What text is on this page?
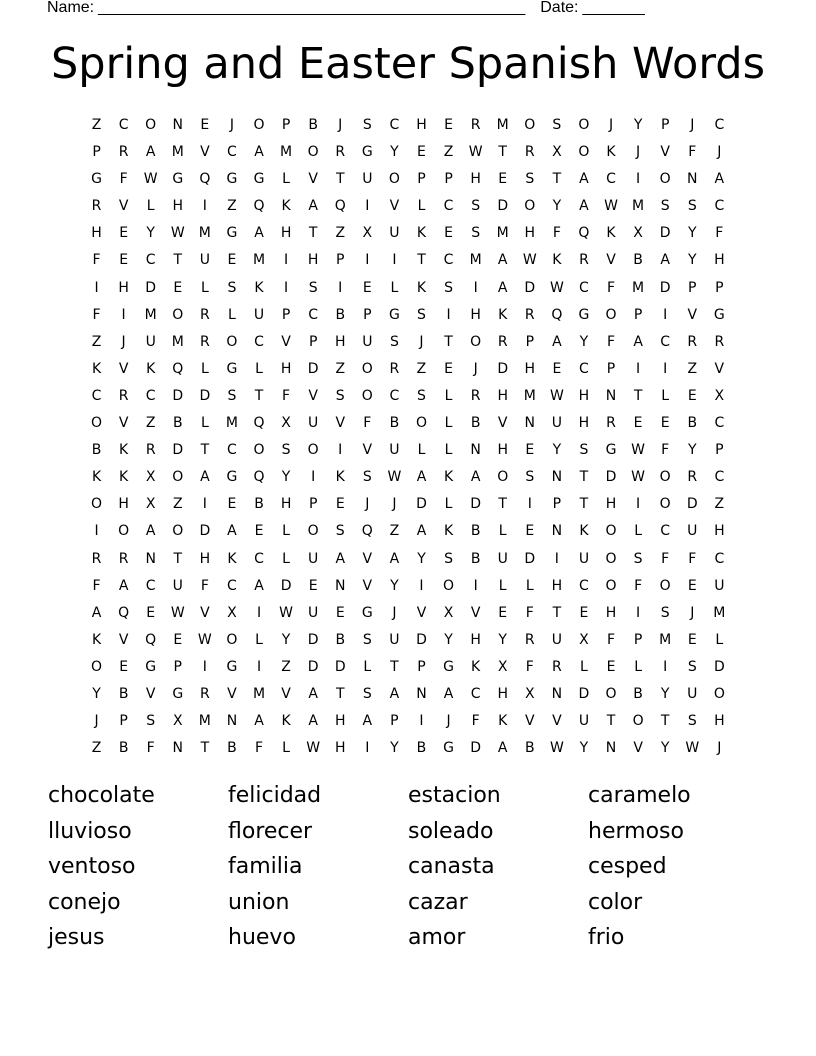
Name: ________________________________________________ Date: _______
Spring and Easter Spanish Words
Z	C	O	N	E	J	O	P	B	J	S	C	H	E	R	M	O	S	O	J	Y	P	J	C
P	R	A	M	V	C	A	M	O	R	G	Y	E	Z	W	T	R	X	O	K	J	V	F	J
G	F	W	G	Q	G	G	L	V	T	U	O	P	P	H	E	S	T	A	C	I	O	N	A
R	V	L	H	I	Z	Q	K	A	Q	I	V	L	C	S	D	O	Y	A	W	M	S	S	C
H	E	Y	W	M	G	A	H	T	Z	X	U	K	E	S	M	H	F	Q	K	X	D	Y	F
F	E	C	T	U	E	M	I	H	P	I	I	T	C	M	A	W	K	R	V	B	A	Y	H
I	H	D	E	L	S	K	I	S	I	E	L	K	S	I	A	D	W	C	F	M	D	P	P
F	I	M	O	R	L	U	P	C	B	P	G	S	I	H	K	R	Q	G	O	P	I	V	G
Z	J	U	M	R	O	C	V	P	H	U	S	J	T	O	R	P	A	Y	F	A	C	R	R
K	V	K	Q	L	G	L	H	D	Z	O	R	Z	E	J	D	H	E	C	P	I	I	Z	V
C	R	C	D	D	S	T	F	V	S	O	C	S	L	R	H	M	W	H	N	T	L	E	X
O	V	Z	B	L	M	Q	X	U	V	F	B	O	L	B	V	N	U	H	R	E	E	B	C
B	K	R	D	T	C	O	S	O	I	V	U	L	L	N	H	E	Y	S	G	W	F	Y	P
K	K	X	O	A	G	Q	Y	I	K	S	W	A	K	A	O	S	N	T	D	W	O	R	C
O	H	X	Z	I	E	B	H	P	E	J	J	D	L	D	T	I	P	T	H	I	O	D	Z
I	O	A	O	D	A	E	L	O	S	Q	Z	A	K	B	L	E	N	K	O	L	C	U	H
R	R	N	T	H	K	C	L	U	A	V	A	Y	S	B	U	D	I	U	O	S	F	F	C
F	A	C	U	F	C	A	D	E	N	V	Y	I	O	I	L	L	H	C	O	F	O	E	U
A	Q	E	W	V	X	I	W	U	E	G	J	V	X	V	E	F	T	E	H	I	S	J	M
K	V	Q	E	W	O	L	Y	D	B	S	U	D	Y	H	Y	R	U	X	F	P	M	E	L
O	E	G	P	I	G	I	Z	D	D	L	T	P	G	K	X	F	R	L	E	L	I	S	D
Y	B	V	G	R	V	M	V	A	T	S	A	N	A	C	H	X	N	D	O	B	Y	U	O
J	P	S	X	M	N	A	K	A	H	A	P	I	J	F	K	V	V	U	T	O	T	S	H
Z	B	F	N	T	B	F	L	W	H	I	Y	B	G	D	A	B	W	Y	N	V	Y	W	J
chocolate	felicidad	estacion	caramelo
lluvioso	florecer	soleado	hermoso
ventoso	familia	canasta	cesped
conejo	union	cazar	color
jesus	huevo	amor	frio
